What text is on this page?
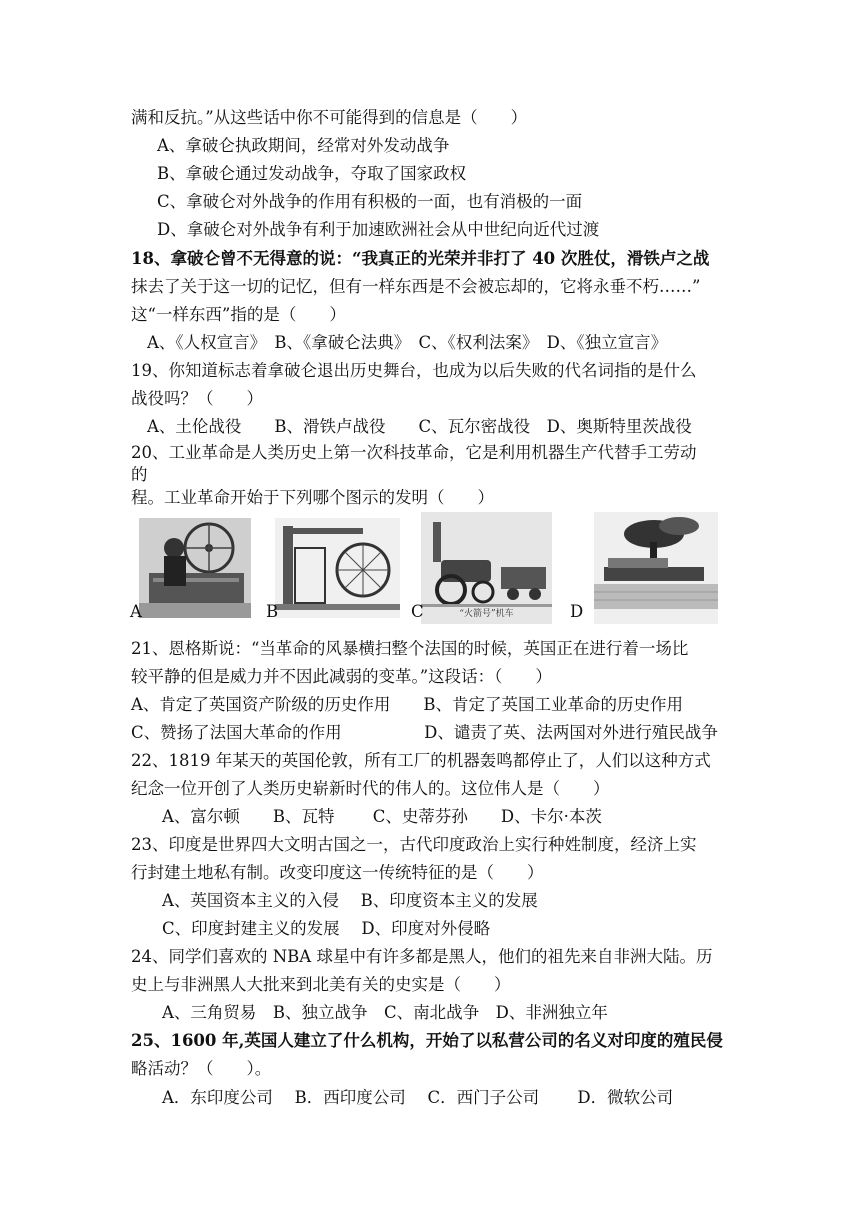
满和反抗。”从这些话中你不可能得到的信息是（　　）
A、拿破仑执政期间，经常对外发动战争
B、拿破仑通过发动战争，夺取了国家政权
C、拿破仑对外战争的作用有积极的一面，也有消极的一面
D、拿破仑对外战争有利于加速欧洲社会从中世纪向近代过渡
18、拿破仑曾不无得意的说：“我真正的光荣并非打了 40 次胜仗，滑铁卢之战
抹去了关于这一切的记忆，但有一样东西是不会被忘却的，它将永垂不朽……”
这“一样东西”指的是（　　）
A、《人权宣言》　B、《拿破仑法典》　C、《权利法案》　D、《独立宣言》
19、你知道标志着拿破仑退出历史舞台，也成为以后失败的代名词指的是什么
战役吗？（　　）
A、土伦战役　　B、滑铁卢战役　　C、瓦尔密战役　D、奥斯特里茨战役
20、工业革命是人类历史上第一次科技革命，它是利用机器生产代替手工劳动
的
程。工业革命开始于下列哪个图示的发明（　　）
A	B	“火箭号”机车
C	D
21、恩格斯说：“当革命的风暴横扫整个法国的时候，英国正在进行着一场比
较平静的但是威力并不因此减弱的变革。”这段话：（　　）
A、肯定了英国资产阶级的历史作用　　B、肯定了英国工业革命的历史作用
C、赞扬了法国大革命的作用　　　　　D、谴责了英、法两国对外进行殖民战争
22、1819 年某天的英国伦敦，所有工厂的机器轰鸣都停止了，人们以这种方式
纪念一位开创了人类历史崭新时代的伟人的。这位伟人是（　　）
A、富尔顿　　B、瓦特　　 C、史蒂芬孙　　D、卡尔·本茨
23、印度是世界四大文明古国之一，古代印度政治上实行种姓制度，经济上实
行封建土地私有制。改变印度这一传统特征的是（　　）
A、英国资本主义的入侵　 B、印度资本主义的发展
C、印度封建主义的发展　 D、印度对外侵略
24、同学们喜欢的 NBA 球星中有许多都是黑人，他们的祖先来自非洲大陆。历
史上与非洲黑人大批来到北美有关的史实是（　　）
A、三角贸易　B、独立战争　C、南北战争　D、非洲独立年
25、1600 年,英国人建立了什么机构，开始了以私营公司的名义对印度的殖民侵
略活动？（　　）。
A．东印度公司　 B．西印度公司　 C．西门子公司　　 D．微软公司
